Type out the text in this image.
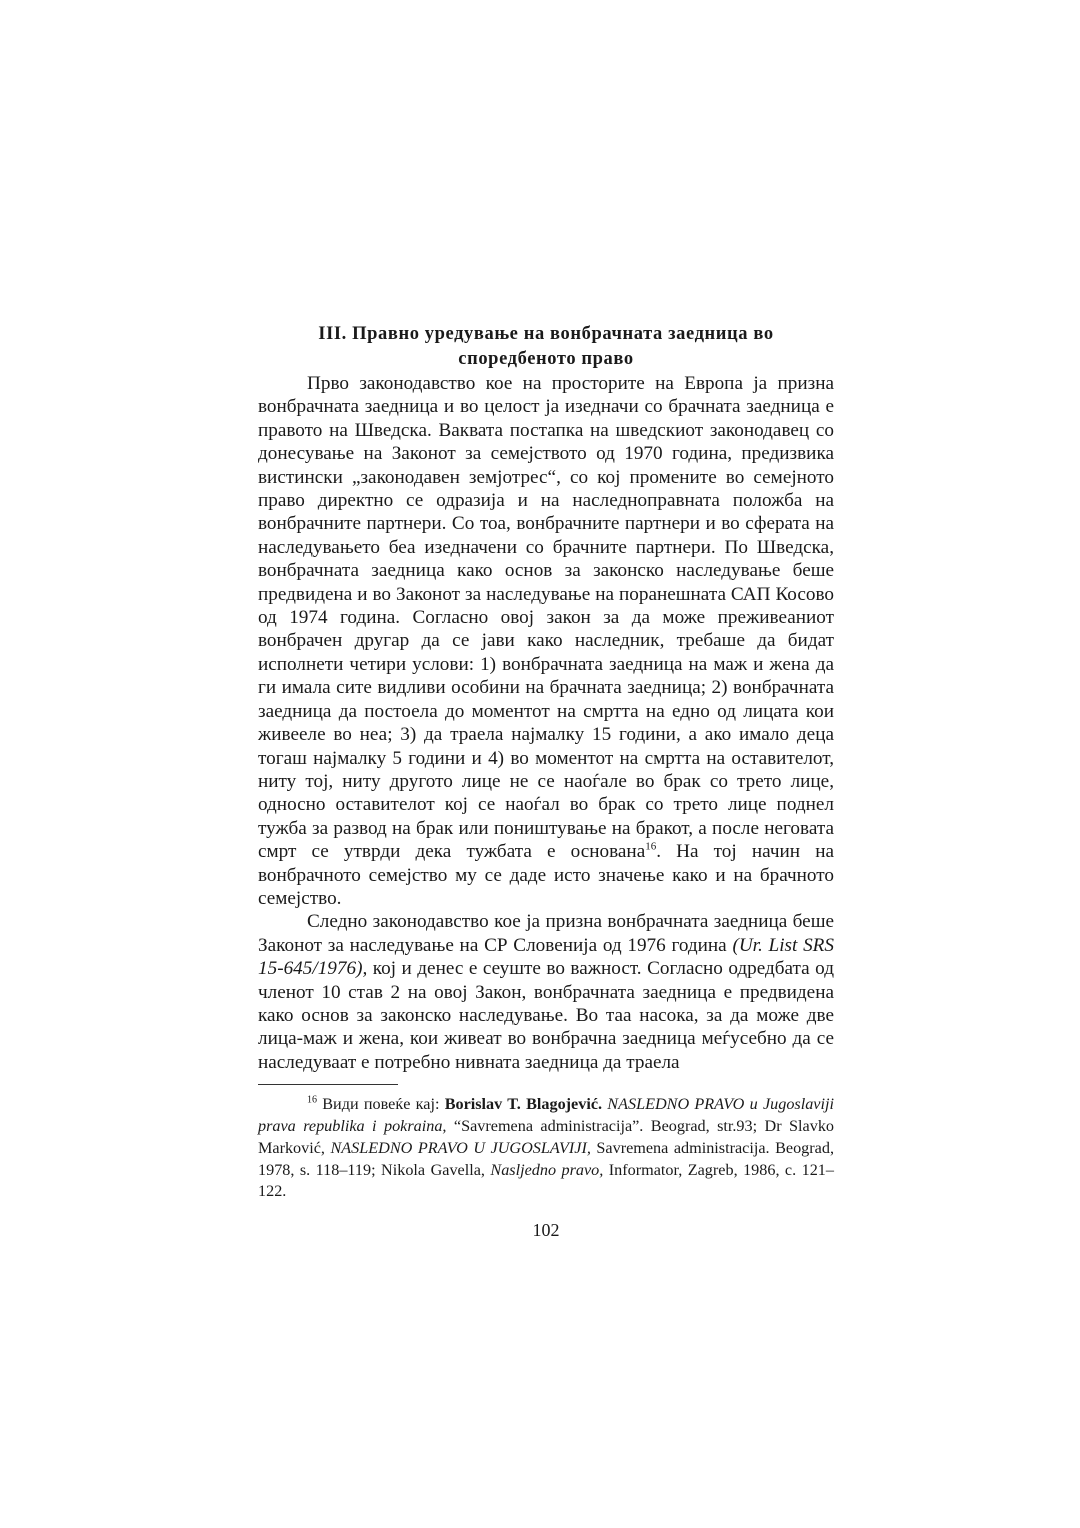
III. Правно уредување на вонбрачната заедница во
споредбеното право

Прво законодавство кое на просторите на Европа ја призна вонбрачната заедница и во целост ја изедначи со брачната заедница е правото на Шведска. Ваквата постапка на шведскиот законодавец со донесување на Законот за семејството од 1970 година, предизвика вистински „законодавен земјотрес“, со кој промените во семејното право директно се одразија и на наследноправната положба на вонбрачните партнери. Со тоа, вонбрачните партнери и во сферата на наследувањето беа изедначени со брачните партнери. По Шведска, вонбрачната заедница како основ за законско наследување беше предвидена и во Законот за наследување на поранешната САП Косово од 1974 година. Согласно овој закон за да може преживеаниот вонбрачен другар да се јави како наследник, требаше да бидат исполнети четири услови: 1) вонбрачната заедница на маж и жена да ги имала сите видливи особини на брачната заедница; 2) вонбрачната заедница да постоела до моментот на смртта на едно од лицата кои живееле во неа; 3) да траела најмалку 15 години, а ако имало деца тогаш најмалку 5 години и 4) во моментот на смртта на оставителот, ниту тој, ниту другото лице не се наоѓале во брак со трето лице, односно оставителот кој се наоѓал во брак со трето лице поднел тужба за развод на брак или поништување на бракот, а после неговата смрт се утврди дека тужбата е основана$^{16}$. На тој начин на вонбрачното семејство му се даде исто значење како и на брачното семејство.

Следно законодавство кое ја призна вонбрачната заедница беше Законот за наследување на СР Словенија од 1976 година (Ur. List SRS 15-645/1976), кој и денес е сеуште во важност. Согласно одредбата од членот 10 став 2 на овој Закон, вонбрачната заедница е предвидена како основ за законско наследување. Во таа насока, за да може две лица-маж и жена, кои живеат во вонбрачна заедница меѓусебно да се наследуваат е потребно нивната заедница да траела

$^{16}$ Види повеќе кај: Borislav T. Blagojević. NASLEDNO PRAVO u Jugoslaviji prava republika i pokraina, “Savremena administracija”. Beograd, str.93; Dr Slavko Marković, NASLEDNO PRAVO U JUGOSLAVIJI, Savremena administracija. Beograd, 1978, s. 118–119; Nikola Gavella, Nasljedno pravo, Informator, Zagreb, 1986, c. 121–122.

102
